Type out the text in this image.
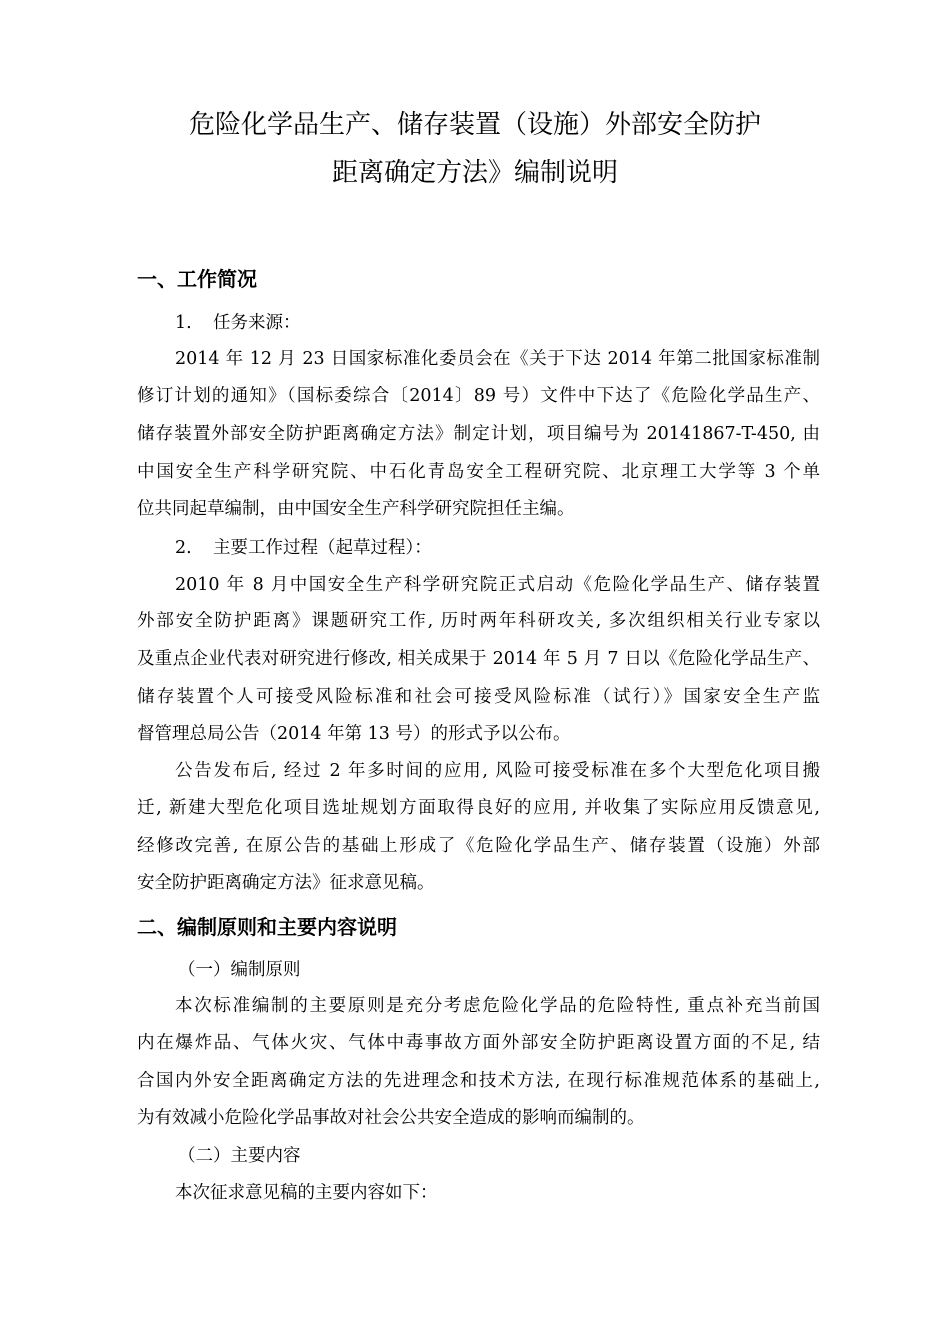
危险化学品生产、储存装置（设施）外部安全防护
距离确定方法》编制说明
一、工作简况
1. 任务来源：
2014 年 12 月 23 日国家标准化委员会在《关于下达 2014 年第二批国家标准制
修订计划的通知》（国标委综合〔2014〕89 号）文件中下达了《危险化学品生产、
储存装置外部安全防护距离确定方法》制定计划，项目编号为 20141867-T-450, 由
中国安全生产科学研究院、中石化青岛安全工程研究院、北京理工大学等 3 个单
位共同起草编制，由中国安全生产科学研究院担任主编。
2. 主要工作过程（起草过程）：
2010 年 8 月中国安全生产科学研究院正式启动《危险化学品生产、储存装置
外部安全防护距离》课题研究工作, 历时两年科研攻关, 多次组织相关行业专家以
及重点企业代表对研究进行修改, 相关成果于 2014 年 5 月 7 日以《危险化学品生产、
储存装置个人可接受风险标准和社会可接受风险标准（试行）》国家安全生产监
督管理总局公告（2014 年第 13 号）的形式予以公布。
公告发布后, 经过 2 年多时间的应用, 风险可接受标准在多个大型危化项目搬
迁, 新建大型危化项目选址规划方面取得良好的应用, 并收集了实际应用反馈意见,
经修改完善, 在原公告的基础上形成了《危险化学品生产、储存装置（设施）外部
安全防护距离确定方法》征求意见稿。
二、编制原则和主要内容说明
（一）编制原则
本次标准编制的主要原则是充分考虑危险化学品的危险特性, 重点补充当前国
内在爆炸品、气体火灾、气体中毒事故方面外部安全防护距离设置方面的不足, 结
合国内外安全距离确定方法的先进理念和技术方法, 在现行标准规范体系的基础上,
为有效减小危险化学品事故对社会公共安全造成的影响而编制的。
（二）主要内容
本次征求意见稿的主要内容如下：
